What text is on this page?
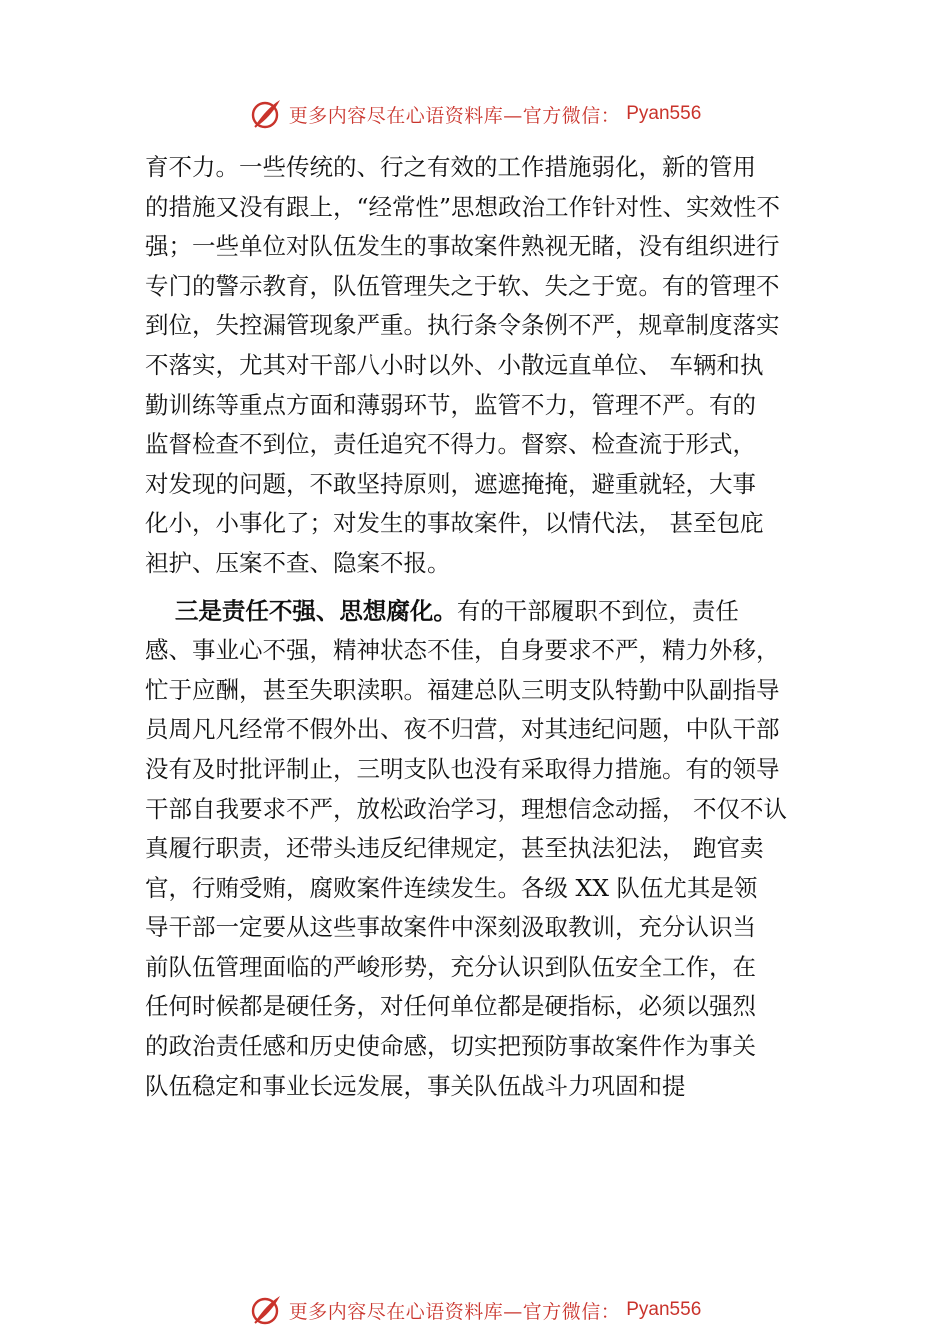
更多内容尽在心语资料库—官方微信： Pyan556
育不力。一些传统的、行之有效的工作措施弱化，新的管用
的措施又没有跟上，“经常性”思想政治工作针对性、实效性不
强；一些单位对队伍发生的事故案件熟视无睹，没有组织进行
专门的警示教育，队伍管理失之于软、失之于宽。有的管理不
到位，失控漏管现象严重。执行条令条例不严，规章制度落实
不落实，尤其对干部八小时以外、小散远直单位、 车辆和执
勤训练等重点方面和薄弱环节，监管不力，管理不严。有的
监督检查不到位，责任追究不得力。督察、检查流于形式，
对发现的问题，不敢坚持原则，遮遮掩掩，避重就轻，大事
化小，小事化了；对发生的事故案件，以情代法， 甚至包庇
袒护、压案不查、隐案不报。
三是责任不强、思想腐化。有的干部履职不到位，责任
感、事业心不强，精神状态不佳，自身要求不严，精力外移，
忙于应酬，甚至失职渎职。福建总队三明支队特勤中队副指导
员周凡凡经常不假外出、夜不归营，对其违纪问题，中队干部
没有及时批评制止，三明支队也没有采取得力措施。有的领导
干部自我要求不严，放松政治学习，理想信念动摇， 不仅不认
真履行职责，还带头违反纪律规定，甚至执法犯法， 跑官卖
官，行贿受贿，腐败案件连续发生。各级 XX 队伍尤其是领
导干部一定要从这些事故案件中深刻汲取教训，充分认识当
前队伍管理面临的严峻形势，充分认识到队伍安全工作，在
任何时候都是硬任务，对任何单位都是硬指标，必须以强烈
的政治责任感和历史使命感，切实把预防事故案件作为事关
队伍稳定和事业长远发展，事关队伍战斗力巩固和提
更多内容尽在心语资料库—官方微信： Pyan556
